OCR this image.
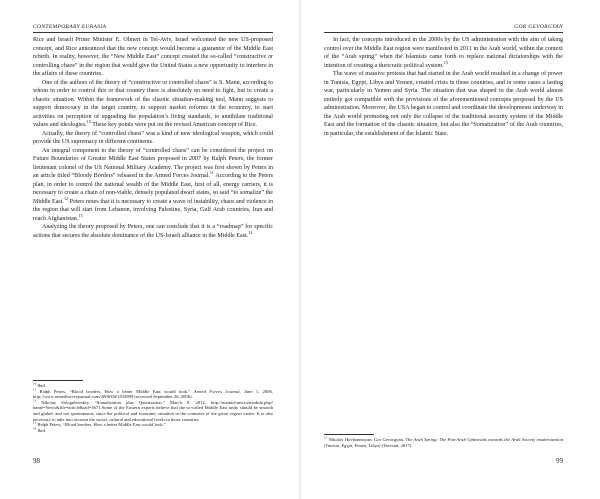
CONTEMPORARY EURASIA

Rice and Israeli Prime Minister E. Olmert in Tel-Aviv, Israel welcomed the new US-proposed concept, and Rice announced that the new concept would become a guarantor of the Middle East rebirth. In reality, however, the “New Middle East” concept created the so-called “constructive or controlling chaos” in the region that would give the United States a new opportunity to interfere in the affairs of these countries.

One of the authors of the theory of “constructive or controlled chaos” is S. Mann, according to whom in order to control this or that country there is absolutely no need to fight, but to create a chaotic situation. Within the framework of the chaotic situation-making tool, Mann suggests to support democracy in the target country, to support market reforms in the economy, to start activities on perception of upgrading the population’s living standards, to annihilate traditional values and ideologies.$^{10}$ These key points were put on the revised American concept of Rice.

Actually, the theory of “controlled chaos” was a kind of new ideological weapon, which could provide the US supremacy in different continents.

An integral component to the theory of “controlled chaos” can be considered the project on Future Boundaries of Greater Middle East States proposed in 2007 by Ralph Peters, the former lieutenant colonel of the US National Military Academy. The project was first shown by Peters in an article titled “Bloody Borders” released in the Armed Forces Journal.$^{11}$ According to the Peters plan, in order to control the national wealth of the Middle East, first of all, energy carriers, it is necessary to create a chain of non-viable, densely populated dwarf states, so said “to somalize” the Middle East.$^{12}$ Peters notes that it is necessary to create a wave of instability, chaos and violence in the region that will start from Lebanon, involving Palestine, Syria, Gulf Arab countries, Iran and reach Afghanistan.$^{13}$

Analyzing the theory proposed by Peters, one can conclude that it is a “roadmap” for specific actions that secures the absolute dominance of the US-Israeli alliance in the Middle East.$^{14}$

$^{10}$ Ibid.

$^{11}$ Ralph Peters, “Blood borders, How a better Middle East would look,” Armed Forces Journal, June 1, 2006, http://www.armedforcesjournal.com/2006/06/1833899 (accessed September 26, 2006).

$^{12}$ Nikolay Sologubovskiy, “Somalization plus Qatarization,” March 8, 2012, http://maintrform.ru/module.php?name=News&file=article&sid=3671.Some of the Eastern experts believe that the so-called Middle East unity should be smooth and global, and not spontaneous, since the political and economic situation in the countries of the given region varies. It is also necessary to take into account the social, cultural and educational levels in those countries.

$^{13}$ Ralph Peters, “Blood borders, How a better Middle East would look.”

$^{14}$ Ibid.

98
GOR GEVORGYAN

In fact, the concepts introduced in the 2000s by the US administration with the aim of taking control over the Middle East region were manifested in 2011 in the Arab world, within the context of the “Arab spring” when the Islamists came forth to replace national dictatorships with the intention of creating a theocratic political system.$^{15}$

The wave of massive protests that had started in the Arab world resulted in a change of power in Tunisia, Egypt, Libya and Yemen, created crisis in those countries, and in some cases a lasting war, particularly in Yemen and Syria. The situation that was shaped in the Arab world almost entirely got compatible with the provisions of the aforementioned concepts proposed by the US administration. Moreover, the USA began to control and coordinate the developments underway in the Arab world promoting not only the collapse of the traditional security system of the Middle East and the formation of the chaotic situation, but also the “Somatization” of the Arab countries, in particular, the establishment of the Islamic State.

$^{15}$ Nikolay Hovhannisyan, Gor Gevorgyan, The Arab Spring: The Pan-Arab Upheavals towards the Arab Society modernization (Tunisia, Egypt, Yemen, Libya) (Yerevan, 2017).

99
